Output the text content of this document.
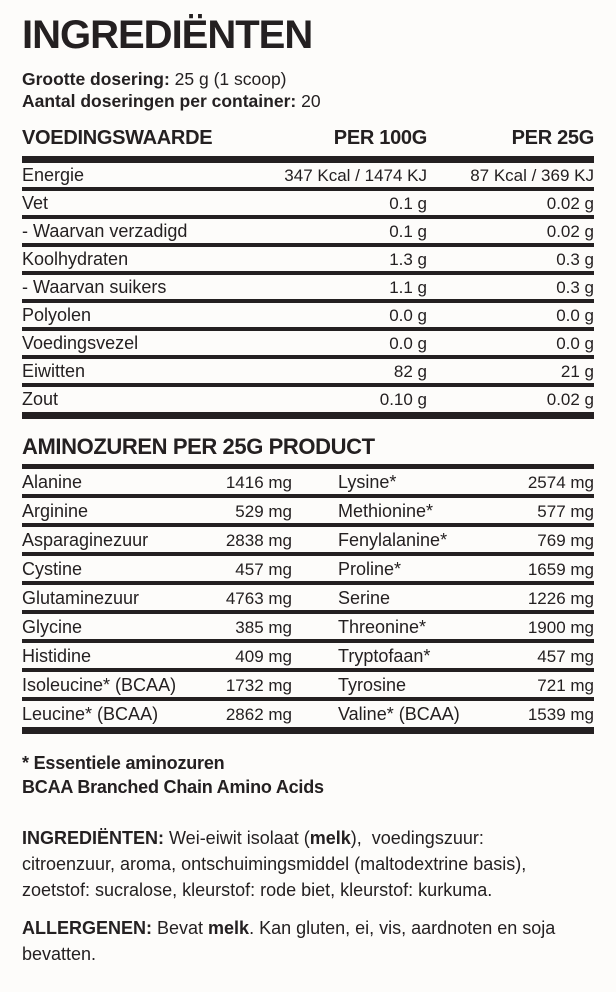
INGREDIËNTEN
Grootte dosering: 25 g (1 scoop)
Aantal doseringen per container: 20
VOEDINGSWAARDE	PER 100G	PER 25G
Energie	347 Kcal / 1474 KJ	87 Kcal / 369 KJ
Vet	0.1 g	0.02 g
- Waarvan verzadigd	0.1 g	0.02 g
Koolhydraten	1.3 g	0.3 g
- Waarvan suikers	1.1 g	0.3 g
Polyolen	0.0 g	0.0 g
Voedingsvezel	0.0 g	0.0 g
Eiwitten	82 g	21 g
Zout	0.10 g	0.02 g
AMINOZUREN PER 25G PRODUCT
Alanine	1416 mg	Lysine*	2574 mg
Arginine	529 mg	Methionine*	577 mg
Asparaginezuur	2838 mg	Fenylalanine*	769 mg
Cystine	457 mg	Proline*	1659 mg
Glutaminezuur	4763 mg	Serine	1226 mg
Glycine	385 mg	Threonine*	1900 mg
Histidine	409 mg	Tryptofaan*	457 mg
Isoleucine* (BCAA)	1732 mg	Tyrosine	721 mg
Leucine* (BCAA)	2862 mg	Valine* (BCAA)	1539 mg
* Essentiele aminozuren
BCAA Branched Chain Amino Acids

INGREDIËNTEN: Wei-eiwit isolaat (melk),  voedingszuur: citroenzuur, aroma, ontschuimingsmiddel (maltodextrine basis), zoetstof: sucralose, kleurstof: rode biet, kleurstof: kurkuma.

ALLERGENEN: Bevat melk. Kan gluten, ei, vis, aardnoten en soja bevatten.
